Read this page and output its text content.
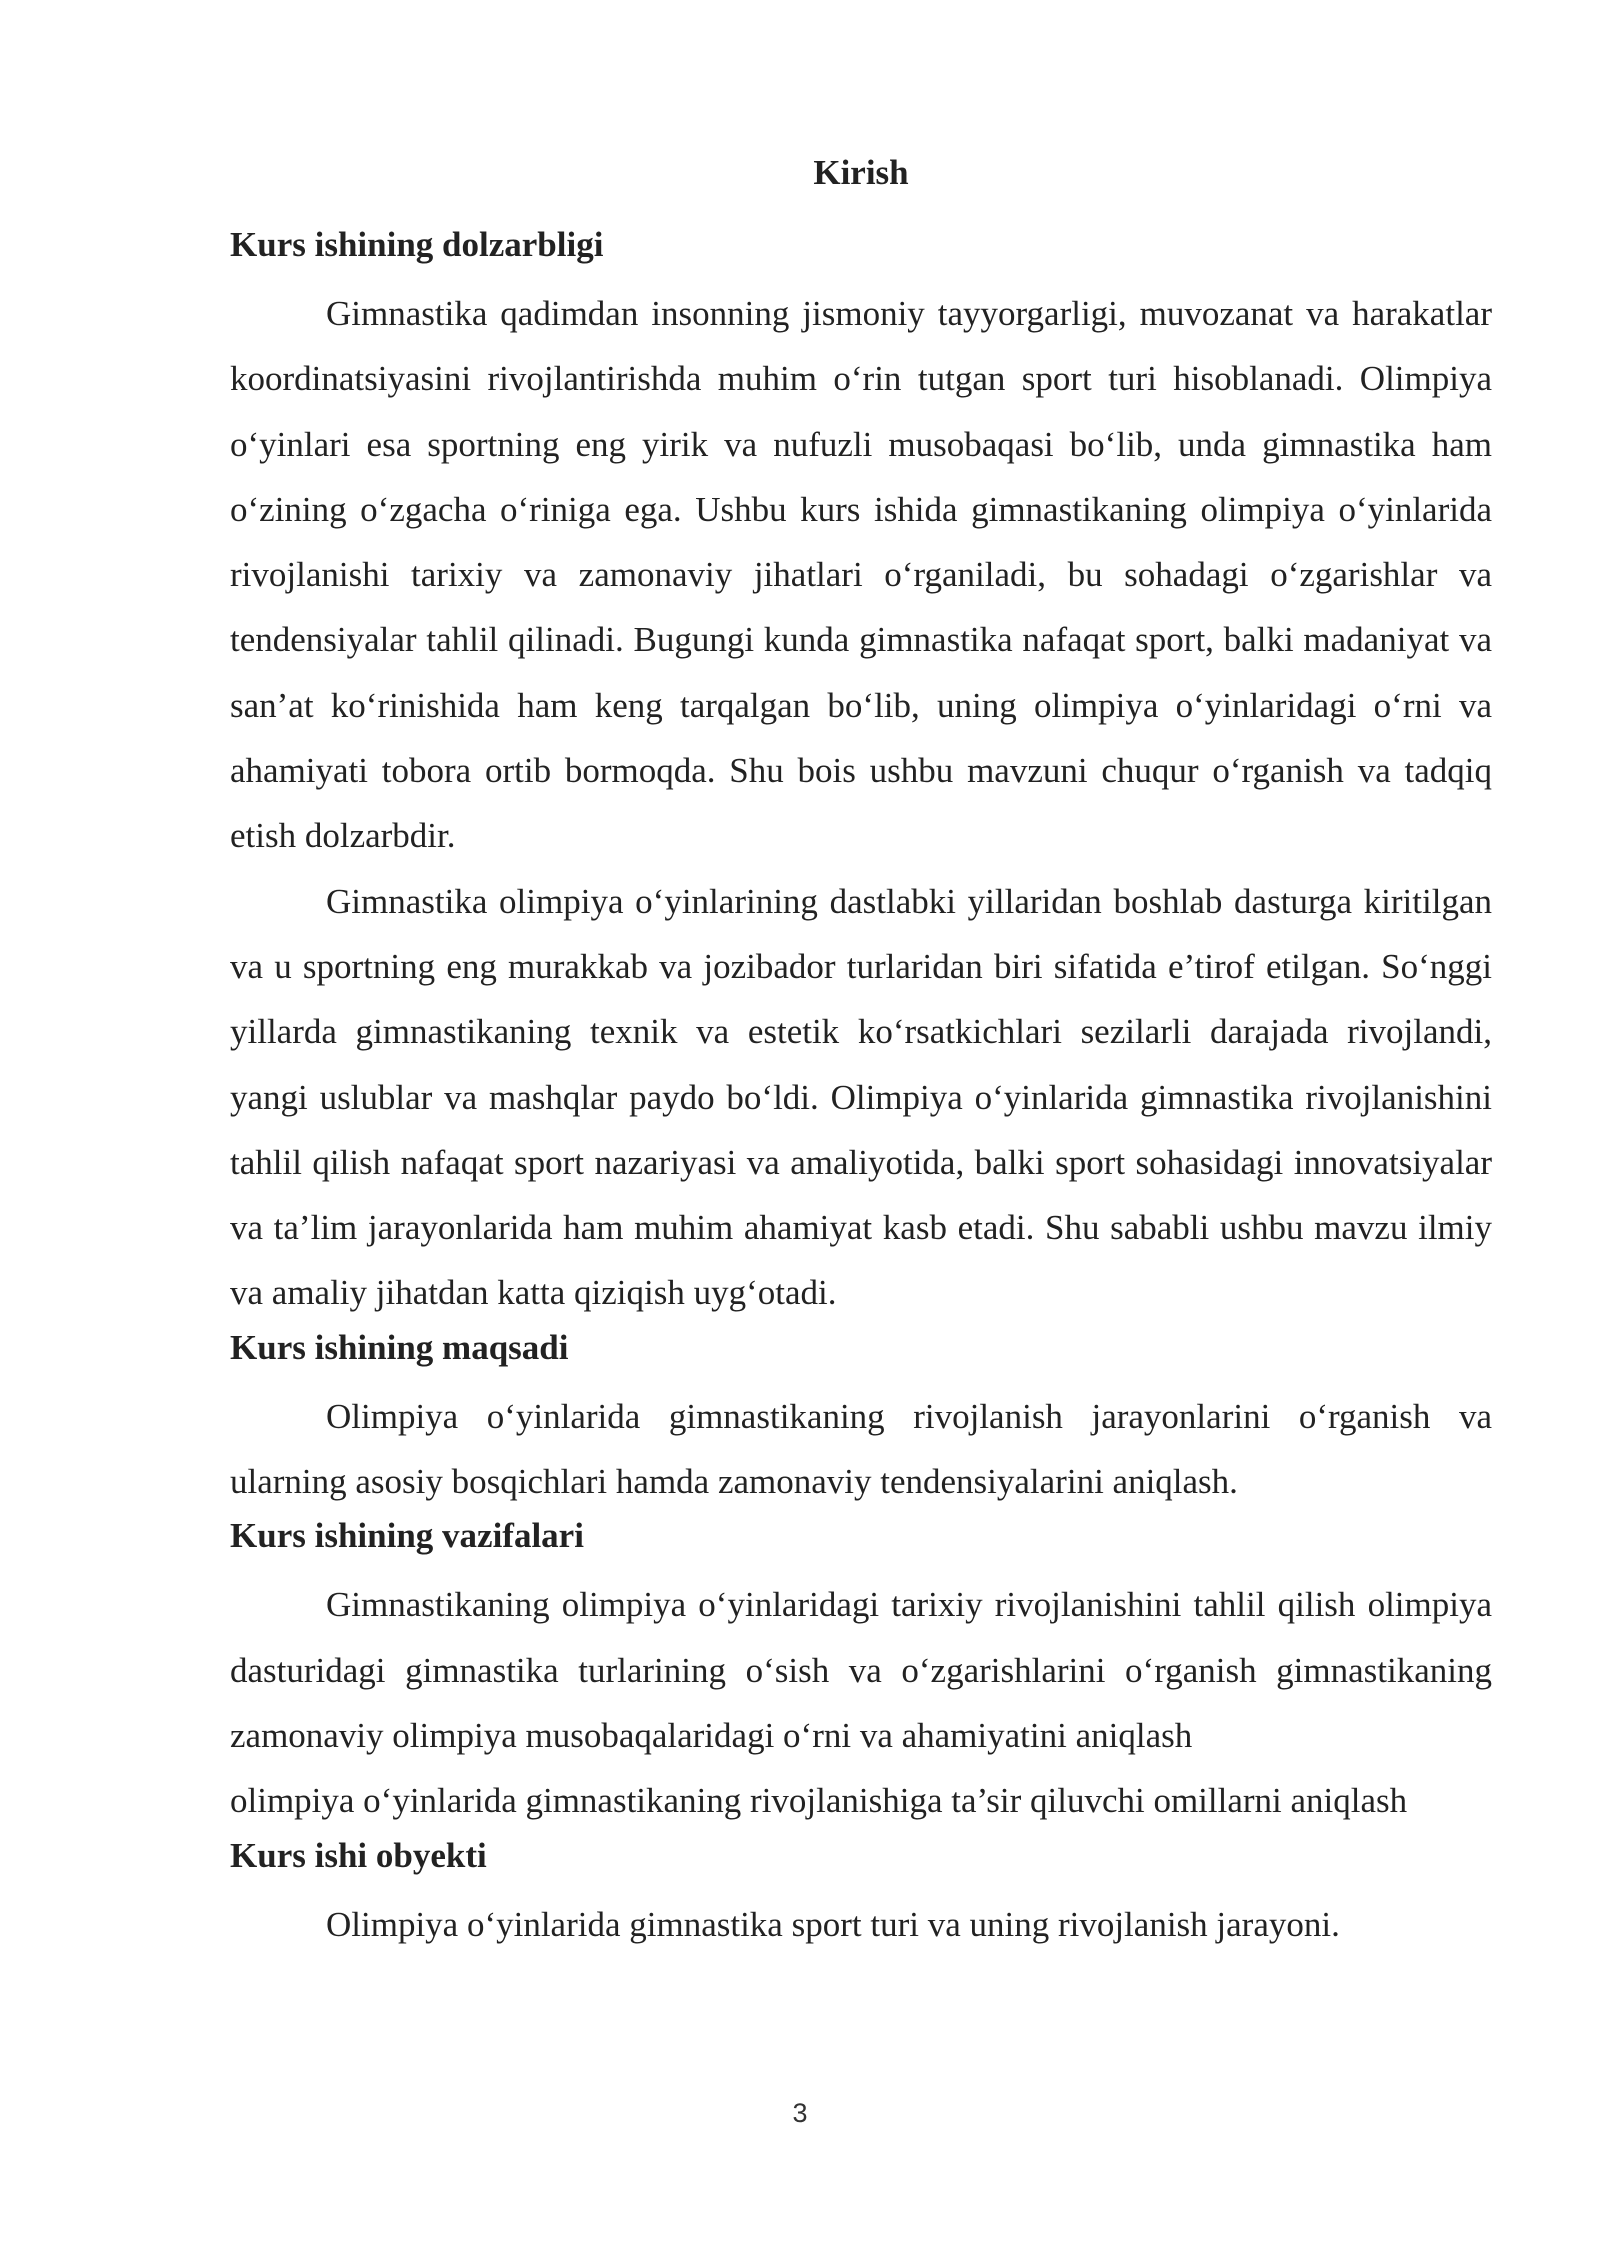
Kirish
Kurs ishining dolzarbligi

Gimnastika qadimdan insonning jismoniy tayyorgarligi, muvozanat va harakatlar koordinatsiyasini rivojlantirishda muhim o‘rin tutgan sport turi hisoblanadi. Olimpiya o‘yinlari esa sportning eng yirik va nufuzli musobaqasi bo‘lib, unda gimnastika ham o‘zining o‘zgacha o‘riniga ega. Ushbu kurs ishida gimnastikaning olimpiya o‘yinlarida rivojlanishi tarixiy va zamonaviy jihatlari o‘rganiladi, bu sohadagi o‘zgarishlar va tendensiyalar tahlil qilinadi. Bugungi kunda gimnastika nafaqat sport, balki madaniyat va san’at ko‘rinishida ham keng tarqalgan bo‘lib, uning olimpiya o‘yinlaridagi o‘rni va ahamiyati tobora ortib bormoqda. Shu bois ushbu mavzuni chuqur o‘rganish va tadqiq etish dolzarbdir.

Gimnastika olimpiya o‘yinlarining dastlabki yillaridan boshlab dasturga kiritilgan va u sportning eng murakkab va jozibador turlaridan biri sifatida e’tirof etilgan. So‘nggi yillarda gimnastikaning texnik va estetik ko‘rsatkichlari sezilarli darajada rivojlandi, yangi uslublar va mashqlar paydo bo‘ldi. Olimpiya o‘yinlarida gimnastika rivojlanishini tahlil qilish nafaqat sport nazariyasi va amaliyotida, balki sport sohasidagi innovatsiyalar va ta’lim jarayonlarida ham muhim ahamiyat kasb etadi. Shu sababli ushbu mavzu ilmiy va amaliy jihatdan katta qiziqish uyg‘otadi.

Kurs ishining maqsadi

Olimpiya o‘yinlarida gimnastikaning rivojlanish jarayonlarini o‘rganish va ularning asosiy bosqichlari hamda zamonaviy tendensiyalarini aniqlash.

Kurs ishining vazifalari

Gimnastikaning olimpiya o‘yinlaridagi tarixiy rivojlanishini tahlil qilish olimpiya dasturidagi gimnastika turlarining o‘sish va o‘zgarishlarini o‘rganish gimnastikaning zamonaviy olimpiya musobaqalaridagi o‘rni va ahamiyatini aniqlash

olimpiya o‘yinlarida gimnastikaning rivojlanishiga ta’sir qiluvchi omillarni aniqlash

Kurs ishi obyekti

Olimpiya o‘yinlarida gimnastika sport turi va uning rivojlanish jarayoni.

3
